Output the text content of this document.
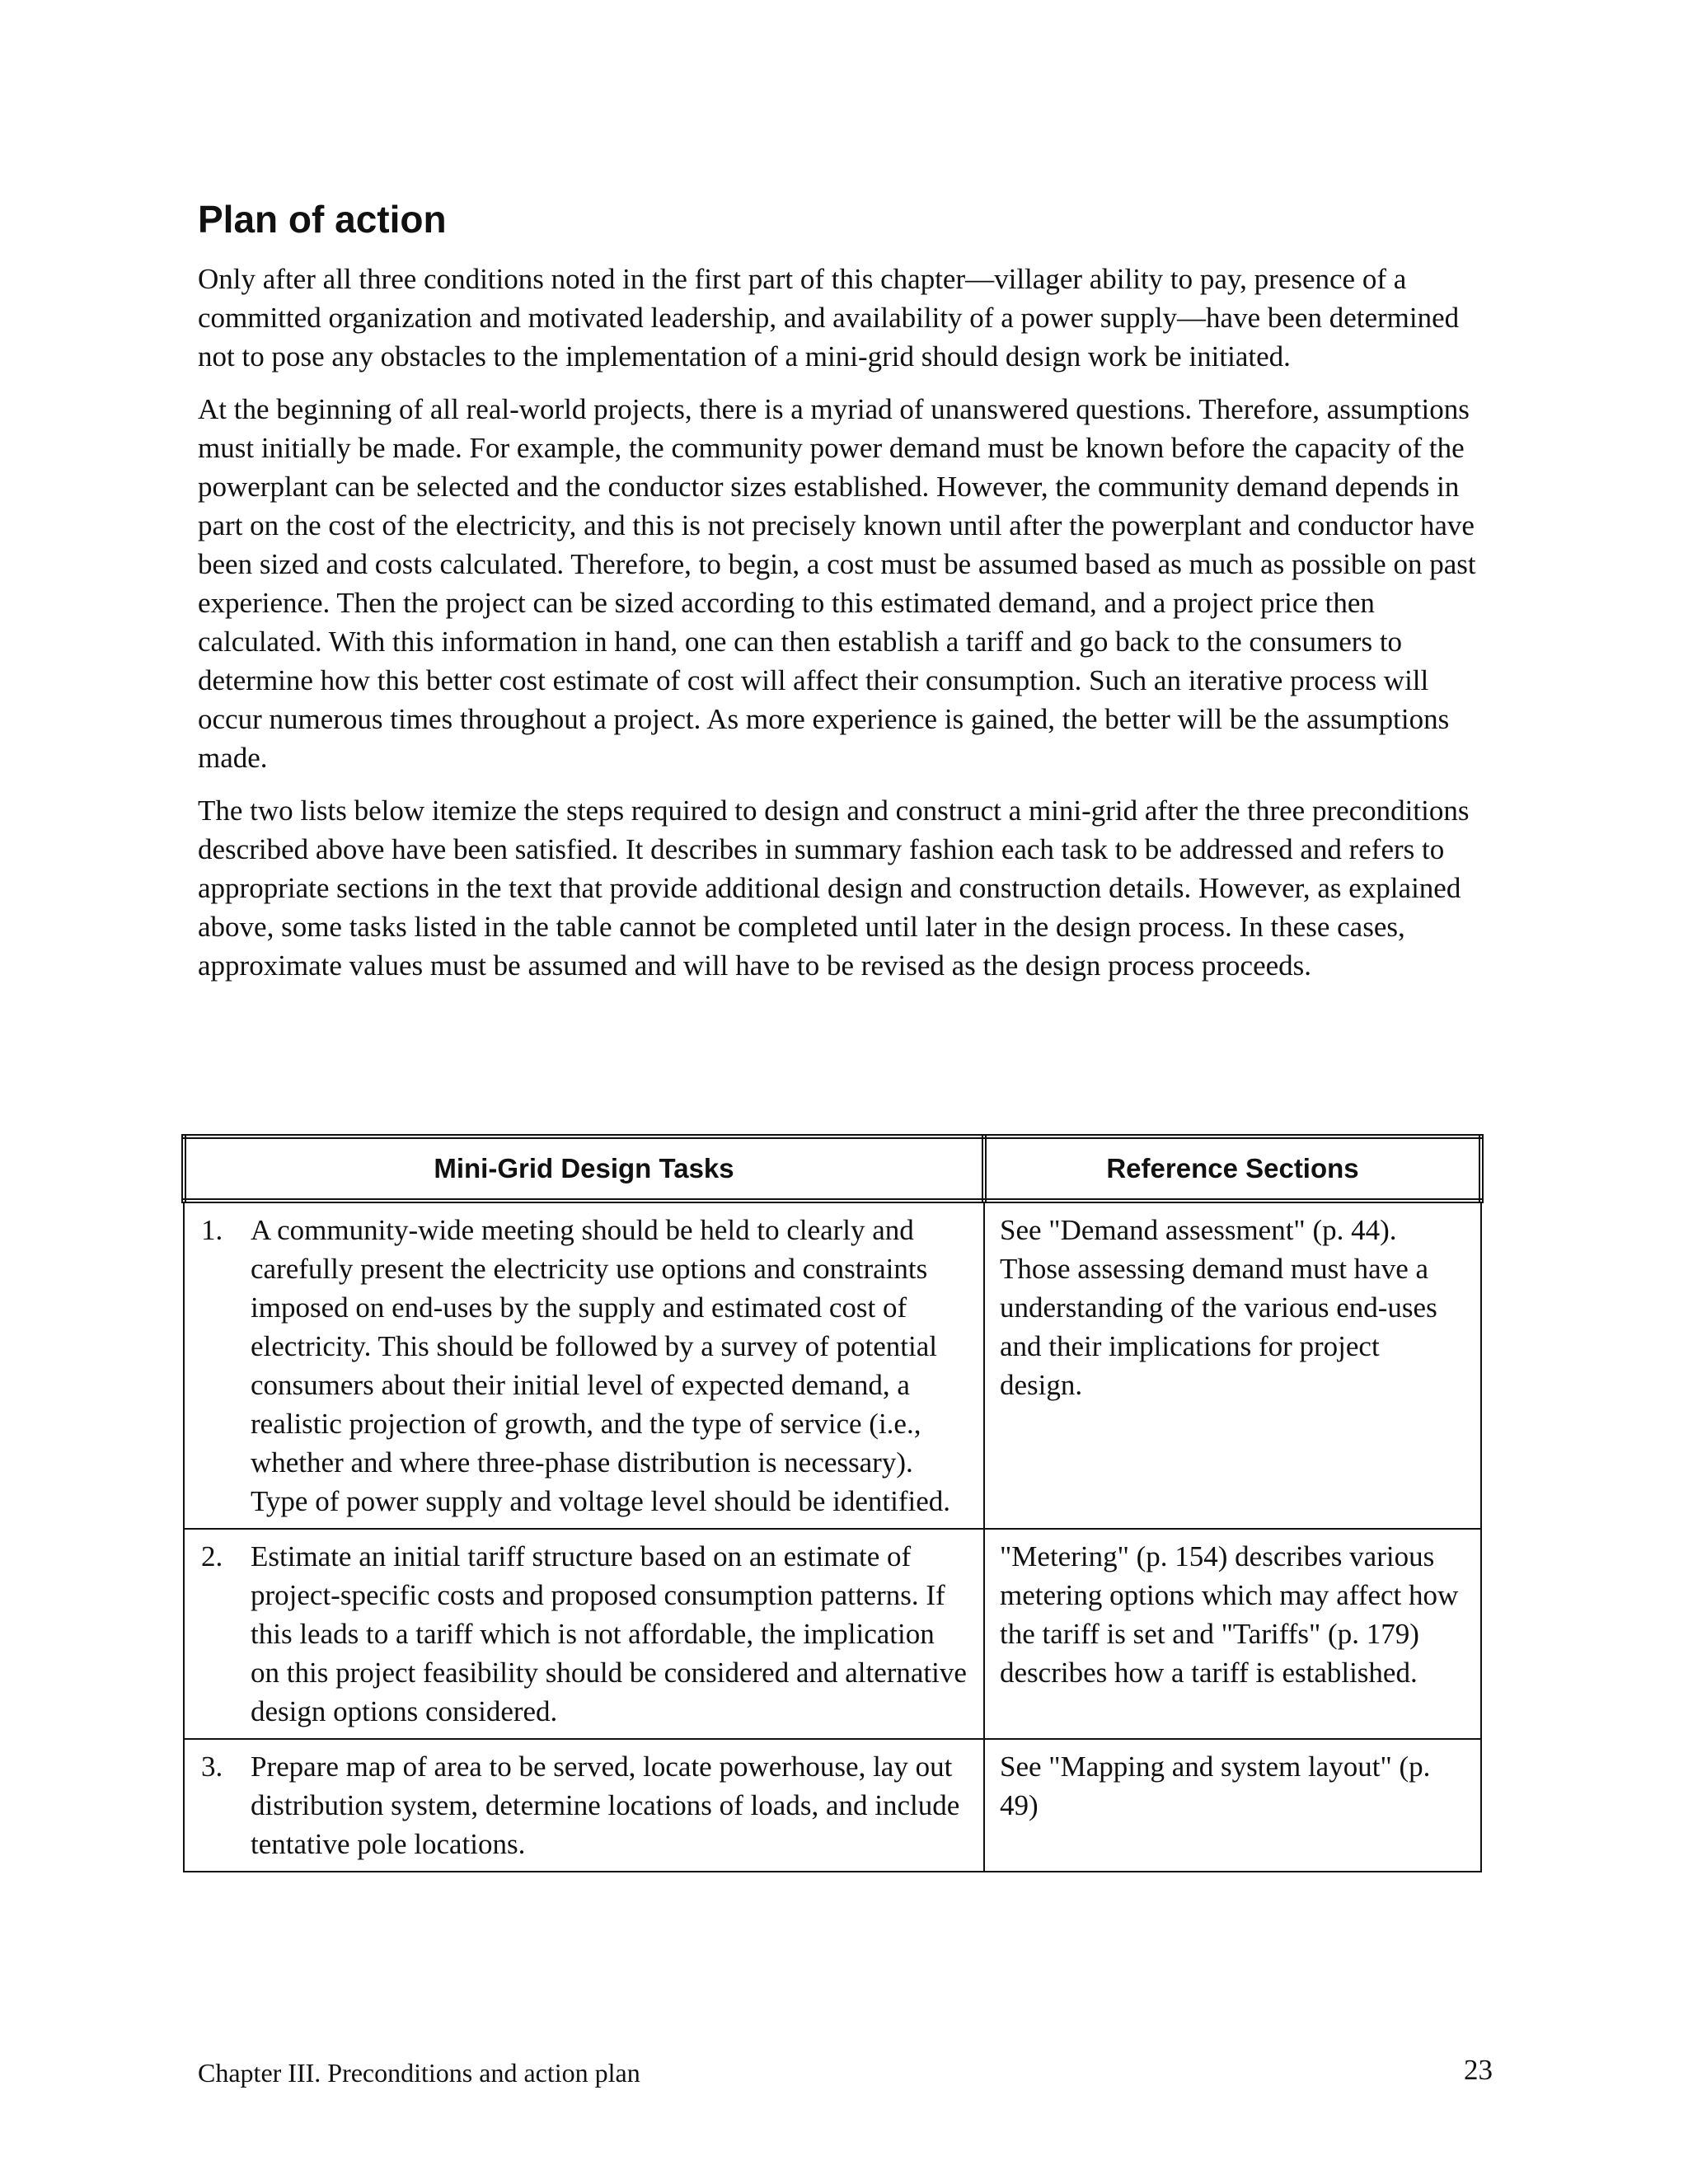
Plan of action

Only after all three conditions noted in the first part of this chapter—villager ability to pay, presence of a committed organization and motivated leadership, and availability of a power supply—have been determined not to pose any obstacles to the implementation of a mini-grid should design work be initiated.

At the beginning of all real-world projects, there is a myriad of unanswered questions. Therefore, assumptions must initially be made. For example, the community power demand must be known before the capacity of the powerplant can be selected and the conductor sizes established. However, the community demand depends in part on the cost of the electricity, and this is not precisely known until after the powerplant and conductor have been sized and costs calculated. Therefore, to begin, a cost must be assumed based as much as possible on past experience. Then the project can be sized according to this estimated demand, and a project price then calculated. With this information in hand, one can then establish a tariff and go back to the consumers to determine how this better cost estimate of cost will affect their consumption. Such an iterative process will occur numerous times throughout a project. As more experience is gained, the better will be the assumptions made.

The two lists below itemize the steps required to design and construct a mini-grid after the three preconditions described above have been satisfied. It describes in summary fashion each task to be addressed and refers to appropriate sections in the text that provide additional design and construction details. However, as explained above, some tasks listed in the table cannot be completed until later in the design process. In these cases, approximate values must be assumed and will have to be revised as the design process proceeds.

Mini-Grid Design Tasks	Reference Sections

1. A community-wide meeting should be held to clearly and carefully present the electricity use options and constraints imposed on end-uses by the supply and estimated cost of electricity. This should be followed by a survey of potential consumers about their initial level of expected demand, a realistic projection of growth, and the type of service (i.e., whether and where three-phase distribution is necessary). Type of power supply and voltage level should be identified.	See "Demand assessment" (p. 44). Those assessing demand must have a understanding of the various end-uses and their implications for project design.

2. Estimate an initial tariff structure based on an estimate of project-specific costs and proposed consumption patterns. If this leads to a tariff which is not affordable, the implication on this project feasibility should be considered and alternative design options considered.	"Metering" (p. 154) describes various metering options which may affect how the tariff is set and "Tariffs" (p. 179) describes how a tariff is established.

3. Prepare map of area to be served, locate powerhouse, lay out distribution system, determine locations of loads, and include tentative pole locations.	See "Mapping and system layout" (p. 49)
Chapter III. Preconditions and action plan	23
